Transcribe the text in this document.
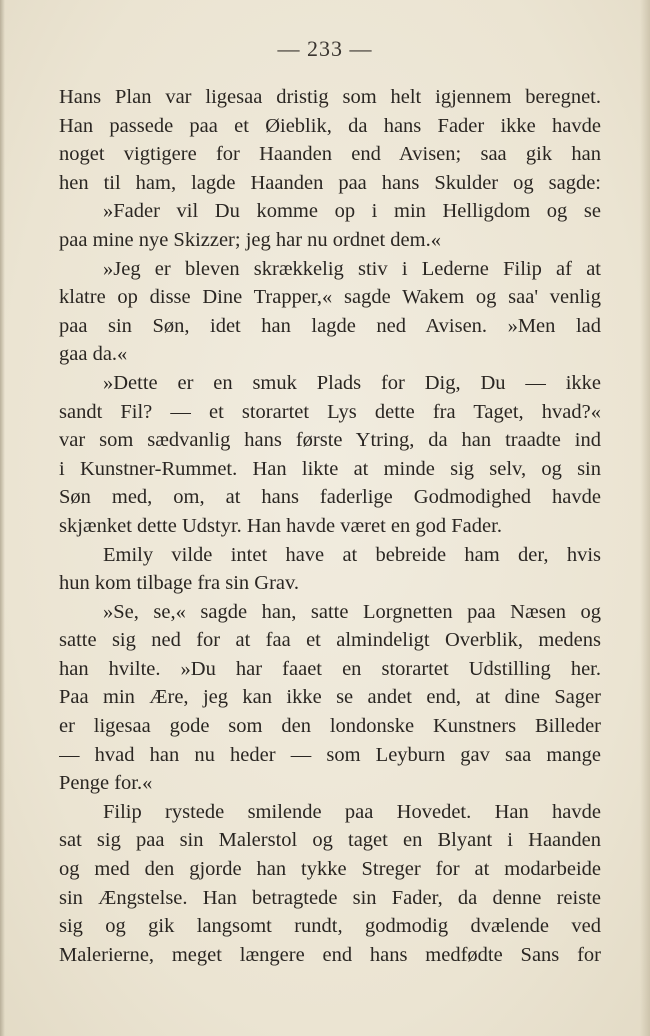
— 233 —
Hans Plan var ligesaa dristig som helt igjennem beregnet.
Han passede paa et Øieblik, da hans Fader ikke havde
noget vigtigere for Haanden end Avisen; saa gik han
hen til ham, lagde Haanden paa hans Skulder og sagde:
»Fader vil Du komme op i min Helligdom og se
paa mine nye Skizzer; jeg har nu ordnet dem.«
»Jeg er bleven skrækkelig stiv i Lederne Filip af at
klatre op disse Dine Trapper,« sagde Wakem og saa' venlig
paa sin Søn, idet han lagde ned Avisen. »Men lad
gaa da.«
»Dette er en smuk Plads for Dig, Du — ikke
sandt Fil? — et storartet Lys dette fra Taget, hvad?«
var som sædvanlig hans første Ytring, da han traadte ind
i Kunstner-Rummet. Han likte at minde sig selv, og sin
Søn med, om, at hans faderlige Godmodighed havde
skjænket dette Udstyr. Han havde været en god Fader.
Emily vilde intet have at bebreide ham der, hvis
hun kom tilbage fra sin Grav.
»Se, se,« sagde han, satte Lorgnetten paa Næsen og
satte sig ned for at faa et almindeligt Overblik, medens
han hvilte. »Du har faaet en storartet Udstilling her.
Paa min Ære, jeg kan ikke se andet end, at dine Sager
er ligesaa gode som den londonske Kunstners Billeder
— hvad han nu heder — som Leyburn gav saa mange
Penge for.«
Filip rystede smilende paa Hovedet. Han havde
sat sig paa sin Malerstol og taget en Blyant i Haanden
og med den gjorde han tykke Streger for at modarbeide
sin Ængstelse. Han betragtede sin Fader, da denne reiste
sig og gik langsomt rundt, godmodig dvælende ved
Malerierne, meget længere end hans medfødte Sans for
